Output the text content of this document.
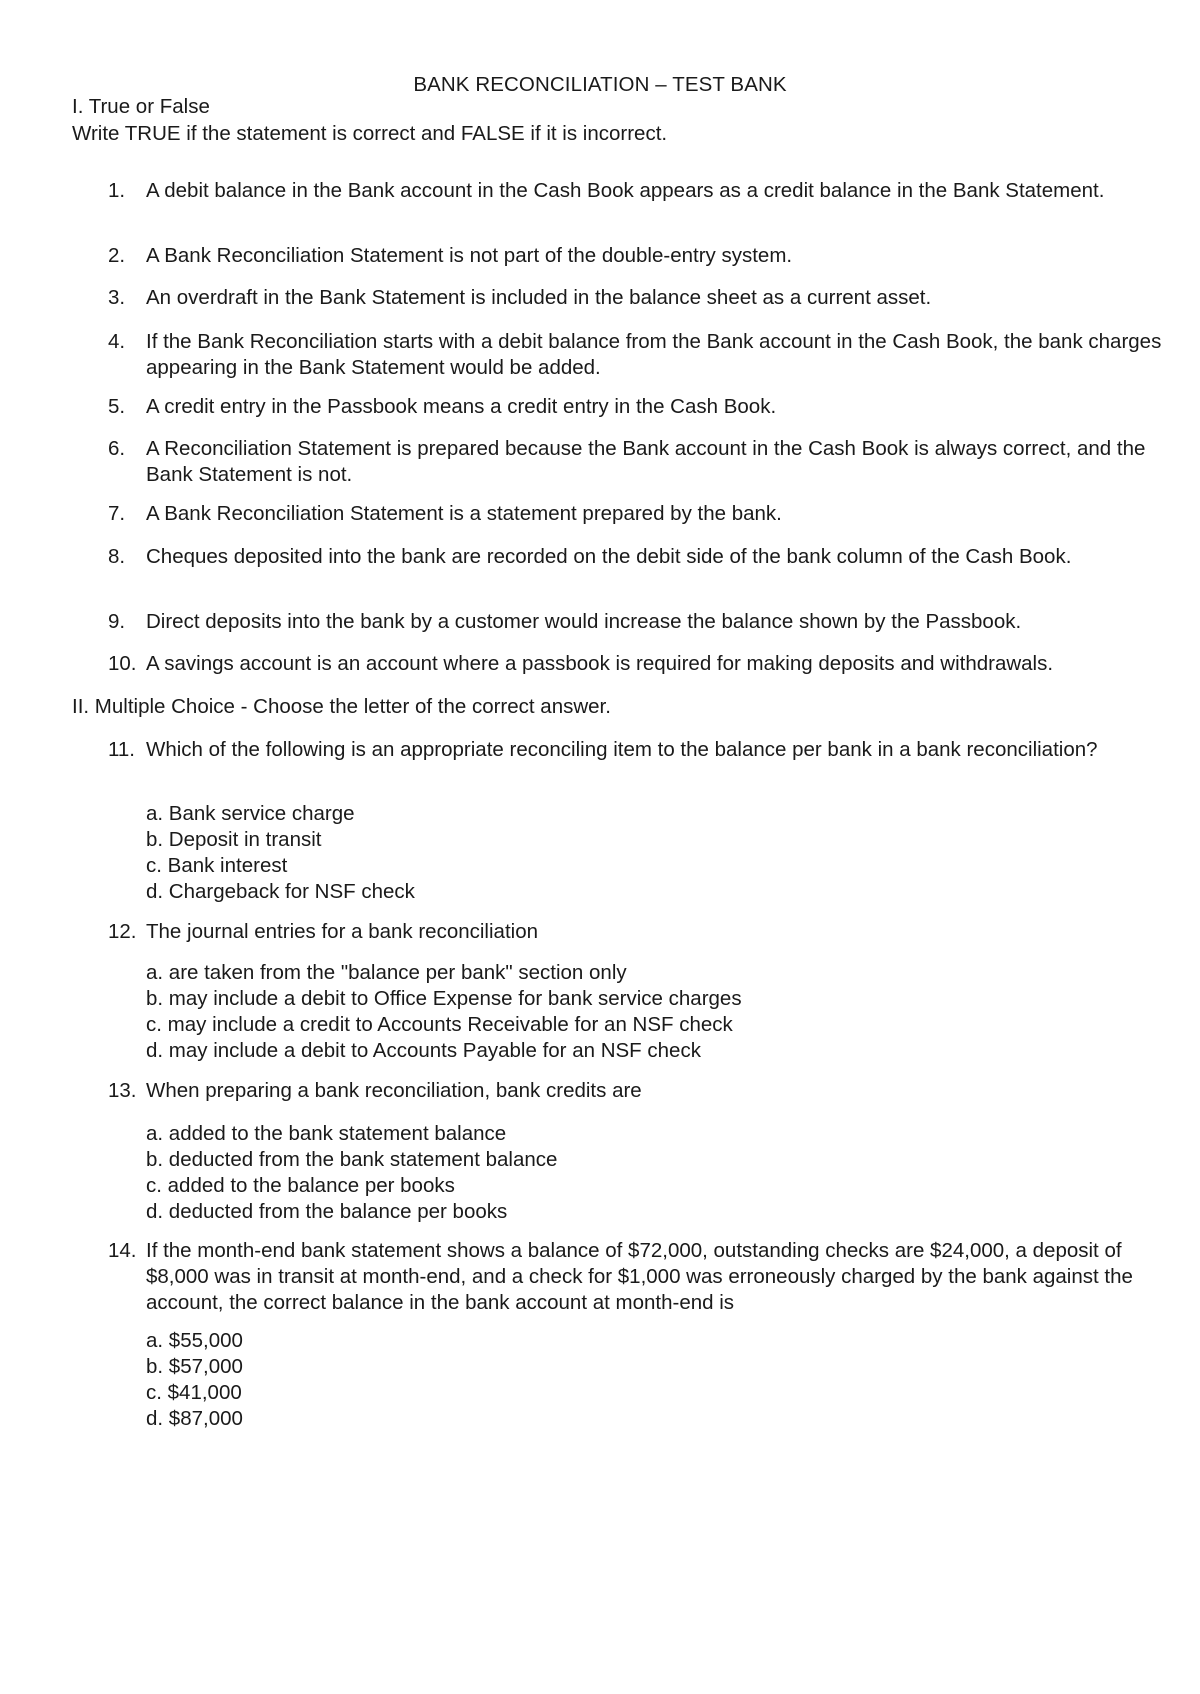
BANK RECONCILIATION – TEST BANK
I. True or False
Write TRUE if the statement is correct and FALSE if it is incorrect.
1.	A debit balance in the Bank account in the Cash Book appears as a credit balance in the Bank Statement.
2.	A Bank Reconciliation Statement is not part of the double-entry system.
3.	An overdraft in the Bank Statement is included in the balance sheet as a current asset.
4.	If the Bank Reconciliation starts with a debit balance from the Bank account in the Cash Book, the bank charges appearing in the Bank Statement would be added.
5.	A credit entry in the Passbook means a credit entry in the Cash Book.
6.	A Reconciliation Statement is prepared because the Bank account in the Cash Book is always correct, and the Bank Statement is not.
7.	A Bank Reconciliation Statement is a statement prepared by the bank.
8.	Cheques deposited into the bank are recorded on the debit side of the bank column of the Cash Book.
9.	Direct deposits into the bank by a customer would increase the balance shown by the Passbook.
10. A savings account is an account where a passbook is required for making deposits and withdrawals.
II. Multiple Choice - Choose the letter of the correct answer.
11. Which of the following is an appropriate reconciling item to the balance per bank in a bank reconciliation?
a. Bank service charge
b. Deposit in transit
c. Bank interest
d. Chargeback for NSF check
12. The journal entries for a bank reconciliation
a. are taken from the "balance per bank" section only
b. may include a debit to Office Expense for bank service charges
c. may include a credit to Accounts Receivable for an NSF check
d. may include a debit to Accounts Payable for an NSF check
13. When preparing a bank reconciliation, bank credits are
a. added to the bank statement balance
b. deducted from the bank statement balance
c. added to the balance per books
d. deducted from the balance per books
14. If the month-end bank statement shows a balance of $72,000, outstanding checks are $24,000, a deposit of $8,000 was in transit at month-end, and a check for $1,000 was erroneously charged by the bank against the account, the correct balance in the bank account at month-end is
a. $55,000
b. $57,000
c. $41,000
d. $87,000
